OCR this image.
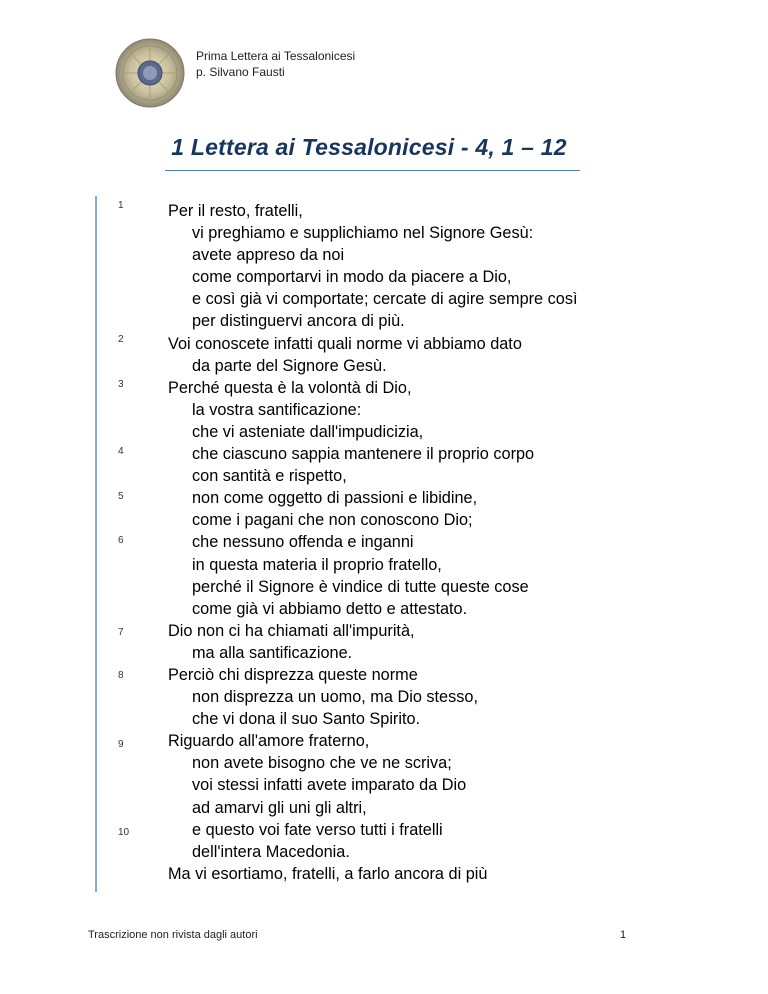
Prima Lettera ai Tessalonicesi
p. Silvano Fausti
1 Lettera ai Tessalonicesi - 4, 1 – 12
1
2
3
4
5
6
7
8
9
10
Per il resto, fratelli,
vi preghiamo e supplichiamo nel Signore Gesù:
avete appreso da noi
come comportarvi in modo da piacere a Dio,
e così già vi comportate; cercate di agire sempre così
per distinguervi ancora di più.
Voi conoscete infatti quali norme vi abbiamo dato
da parte del Signore Gesù.
Perché questa è la volontà di Dio,
la vostra santificazione:
che vi asteniate dall'impudicizia,
che ciascuno sappia mantenere il proprio corpo
con santità e rispetto,
non come oggetto di passioni e libidine,
come i pagani che non conoscono Dio;
che nessuno offenda e inganni
in questa materia il proprio fratello,
perché il Signore è vindice di tutte queste cose
come già vi abbiamo detto e attestato.
Dio non ci ha chiamati all'impurità,
ma alla santificazione.
Perciò chi disprezza queste norme
non disprezza un uomo, ma Dio stesso,
che vi dona il suo Santo Spirito.
Riguardo all'amore fraterno,
non avete bisogno che ve ne scriva;
voi stessi infatti avete imparato da Dio
ad amarvi gli uni gli altri,
e questo voi fate verso tutti i fratelli
dell'intera Macedonia.
Ma vi esortiamo, fratelli, a farlo ancora di più
Trascrizione non rivista dagli autori	1
